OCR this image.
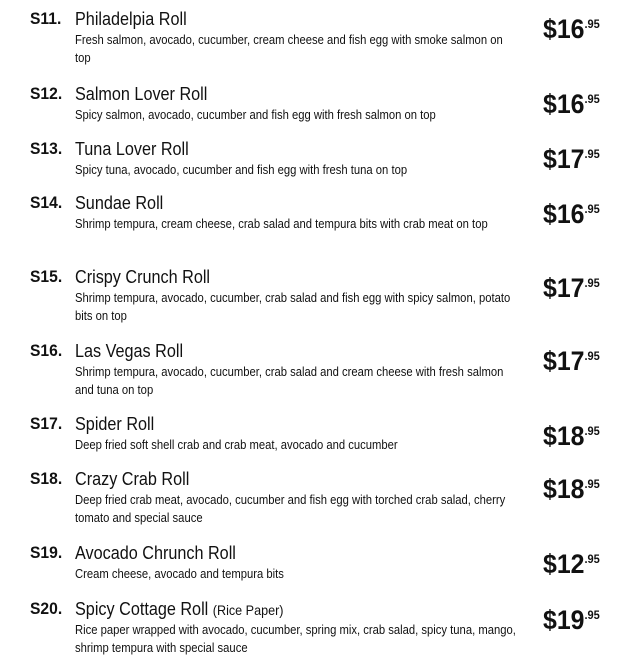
S11. Philadelpia Roll
Fresh salmon, avocado, cucumber, cream cheese and fish egg with smoke salmon on top
$\$16^{.95}$
S12. Salmon Lover Roll
Spicy salmon, avocado, cucumber and fish egg with fresh salmon on top	$\$16^{.95}$
S13. Tuna Lover Roll
Spicy tuna, avocado, cucumber and fish egg with fresh tuna on top	$\$17^{.95}$
S14. Sundae Roll
Shrimp tempura, cream cheese, crab salad and tempura bits with crab meat on top	$\$16^{.95}$
S15. Crispy Crunch Roll
Shrimp tempura, avocado, cucumber, crab salad and fish egg with spicy salmon, potato bits on top
$\$17^{.95}$
S16. Las Vegas Roll
Shrimp tempura, avocado, cucumber, crab salad and cream cheese with fresh salmon and tuna on top
$\$17^{.95}$
S17. Spider Roll
Deep fried soft shell crab and crab meat, avocado and cucumber	$\$18^{.95}$
S18. Crazy Crab Roll
Deep fried crab meat, avocado, cucumber and fish egg with torched crab salad, cherry tomato and special sauce
$\$18^{.95}$
S19. Avocado Chrunch Roll
Cream cheese, avocado and tempura bits	$\$12^{.95}$
S20. Spicy Cottage Roll (Rice Paper)
Rice paper wrapped with avocado, cucumber, spring mix, crab salad, spicy tuna, mango, shrimp tempura with special sauce
$\$19^{.95}$
